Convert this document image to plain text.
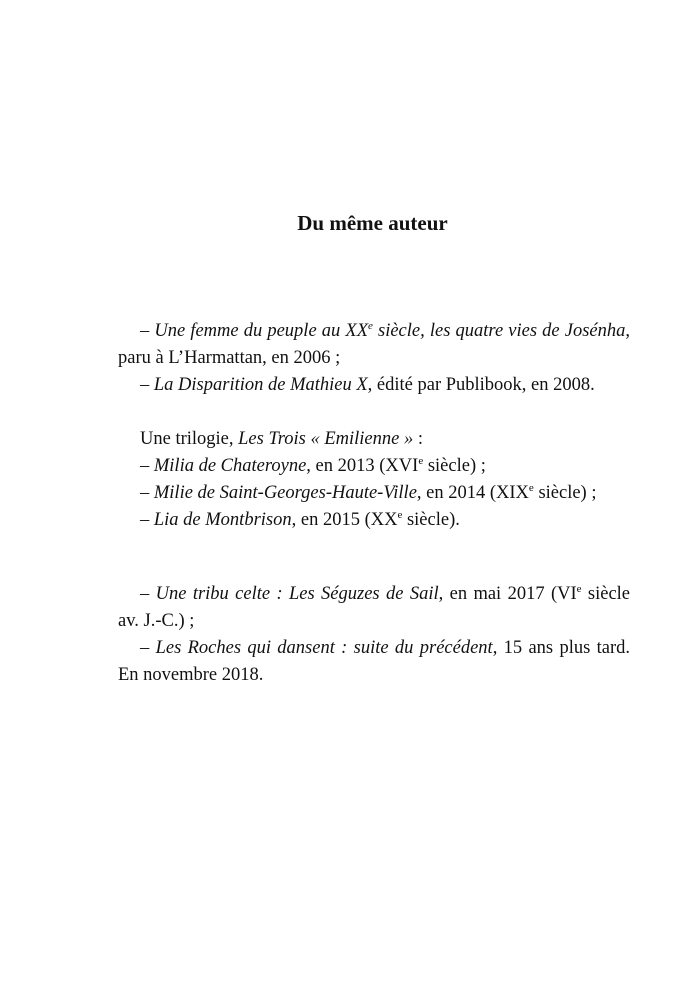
Du même auteur

– Une femme du peuple au XXe siècle, les quatre vies de Joséпha, paru à L’Harmattan, en 2006 ;

– La Disparition de Mathieu X, édité par Publibook, en 2008.

Une trilogie, Les Trois « Emilienne » :

– Milia de Chateroyne, en 2013 (XVIe siècle) ;

– Milie de Saint-Georges-Haute-Ville, en 2014 (XIXe siècle) ;

– Lia de Montbrison, en 2015 (XXe siècle).

– Une tribu celte : Les Séguzes de Sail, en mai 2017 (VIe siècle av. J.-C.) ;

– Les Roches qui dansent : suite du précédent, 15 ans plus tard. En novembre 2018.
